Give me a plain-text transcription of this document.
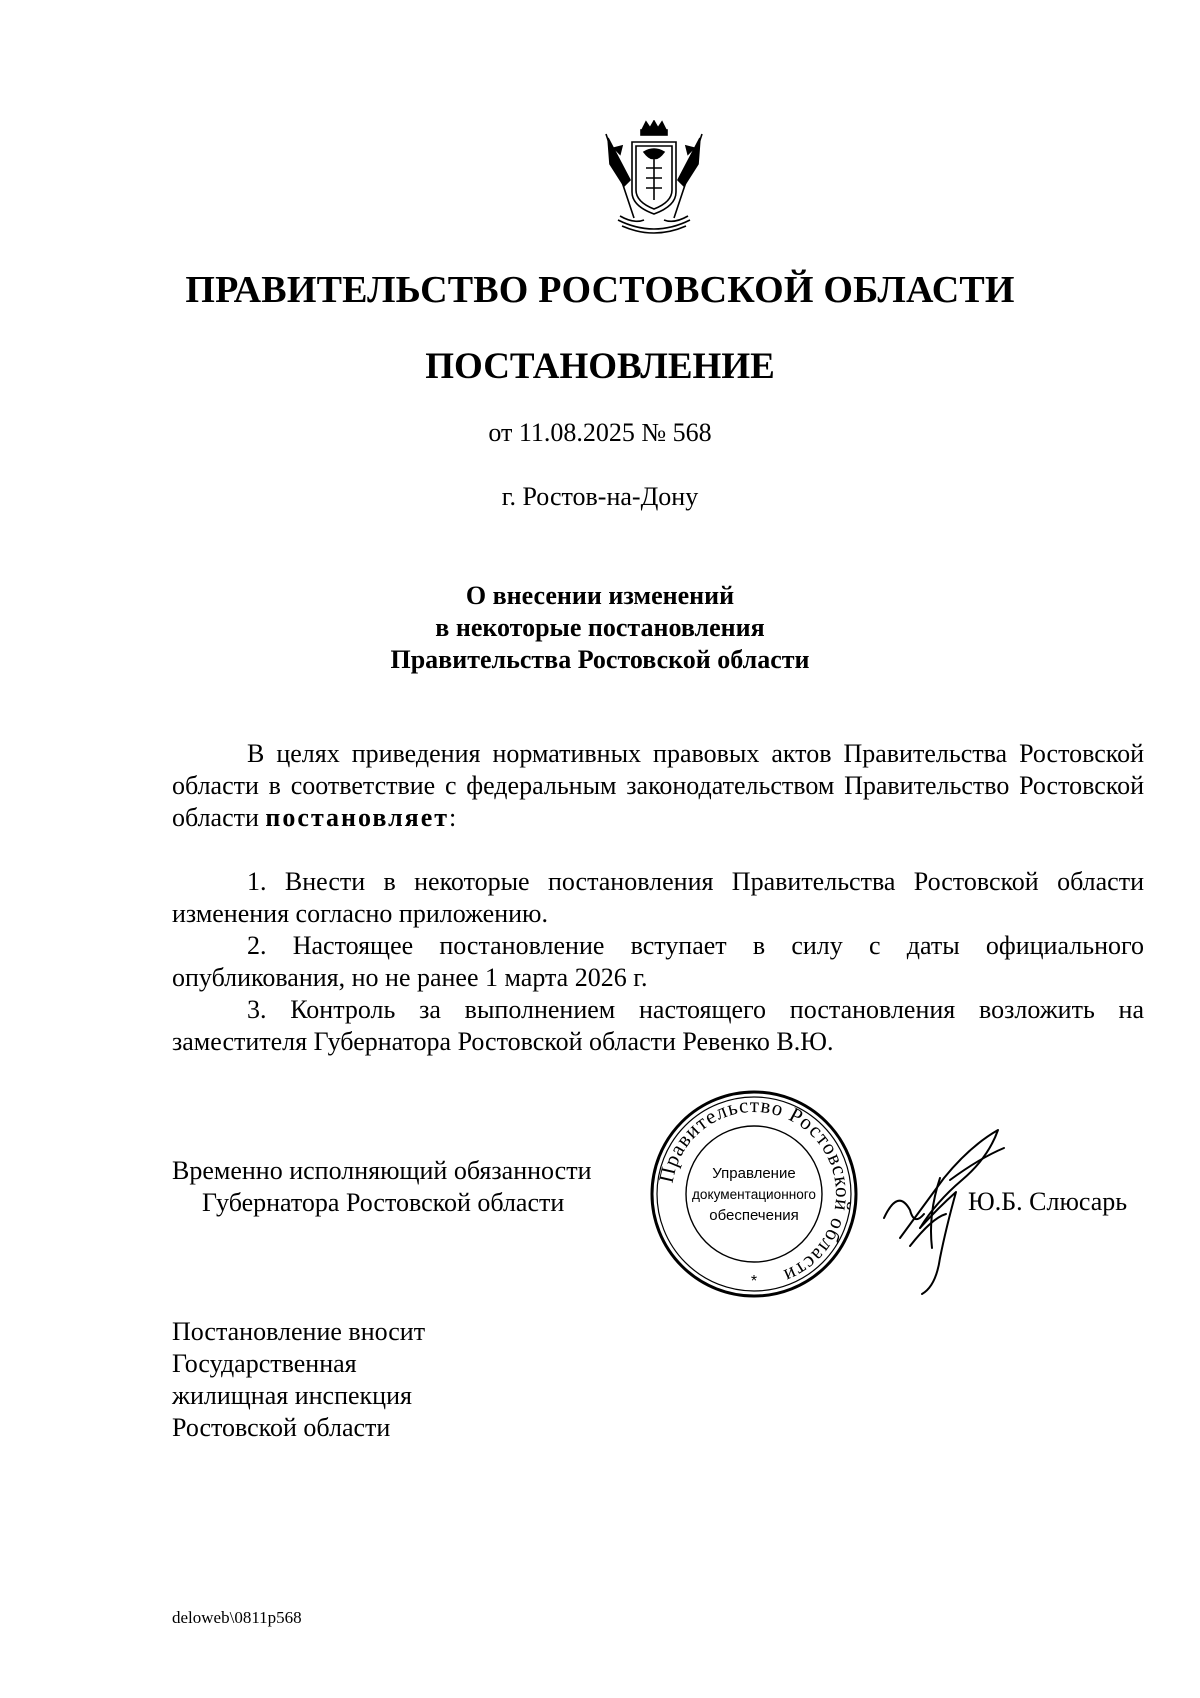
ПРАВИТЕЛЬСТВО РОСТОВСКОЙ ОБЛАСТИ
ПОСТАНОВЛЕНИЕ
от 11.08.2025 № 568
г. Ростов-на-Дону
О внесении изменений
в некоторые постановления
Правительства Ростовской области
В целях приведения нормативных правовых актов Правительства Ростовской области в соответствие с федеральным законодательством Правительство Ростовской области постановляет:
1. Внести в некоторые постановления Правительства Ростовской области изменения согласно приложению.
2. Настоящее постановление вступает в силу с даты официального опубликования, но не ранее 1 марта 2026 г.
3. Контроль за выполнением настоящего постановления возложить на заместителя Губернатора Ростовской области Ревенко В.Ю.
Временно исполняющий обязанности
Губернатора Ростовской области
Правительство Ростовской области
Управление
документационного
обеспечения
*
Ю.Б. Слюсарь
Постановление вносит
Государственная
жилищная инспекция
Ростовской области
deloweb\0811p568
